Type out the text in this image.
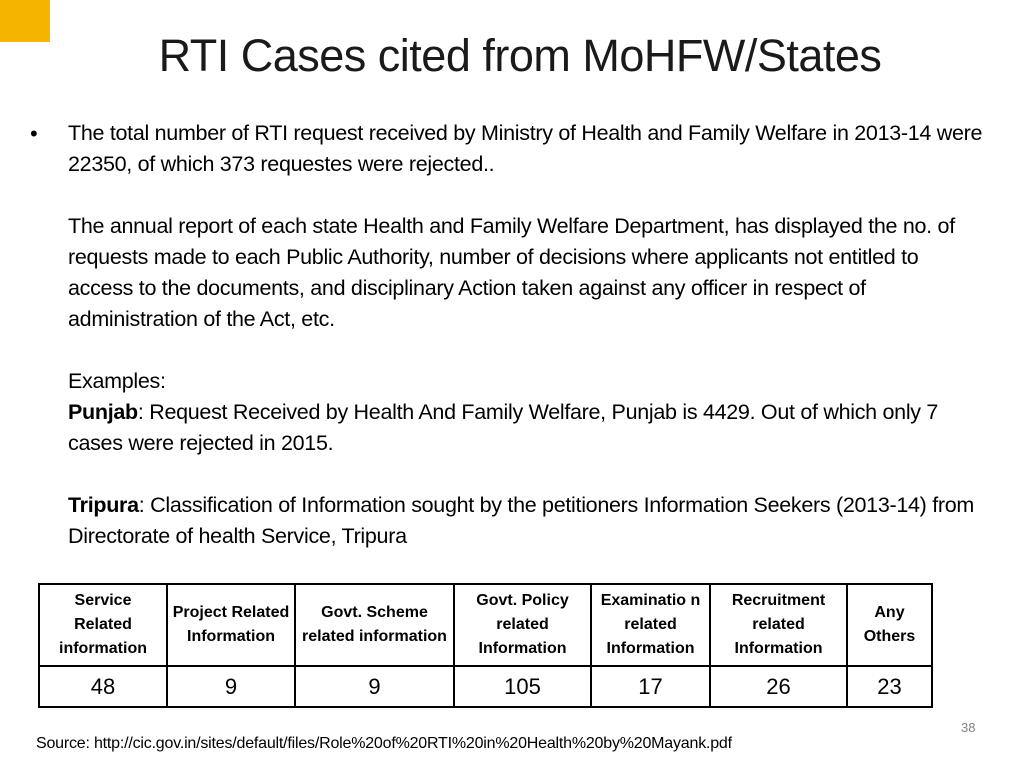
RTI Cases cited from MoHFW/States
• The total number of RTI request received by Ministry of Health and Family Welfare in 2013-14 were 22350, of which 373 requestes were rejected..

The annual report of each state Health and Family Welfare Department, has displayed the no. of requests made to each Public Authority, number of decisions where applicants not entitled to access to the documents, and disciplinary Action taken against any officer in respect of administration of the Act, etc.

Examples:

Punjab: Request Received by Health And Family Welfare, Punjab is 4429. Out of which only 7 cases were rejected in 2015.

Tripura: Classification of Information sought by the petitioners Information Seekers (2013-14) from Directorate of health Service, Tripura

Service Related information	Project Related Information	Govt. Scheme related information	Govt. Policy related Information	Examinatio n related Information	Recruitment related Information	Any Others
48	9	9	105	17	26	23
38
Source: http://cic.gov.in/sites/default/files/Role%20of%20RTI%20in%20Health%20by%20Mayank.pdf
